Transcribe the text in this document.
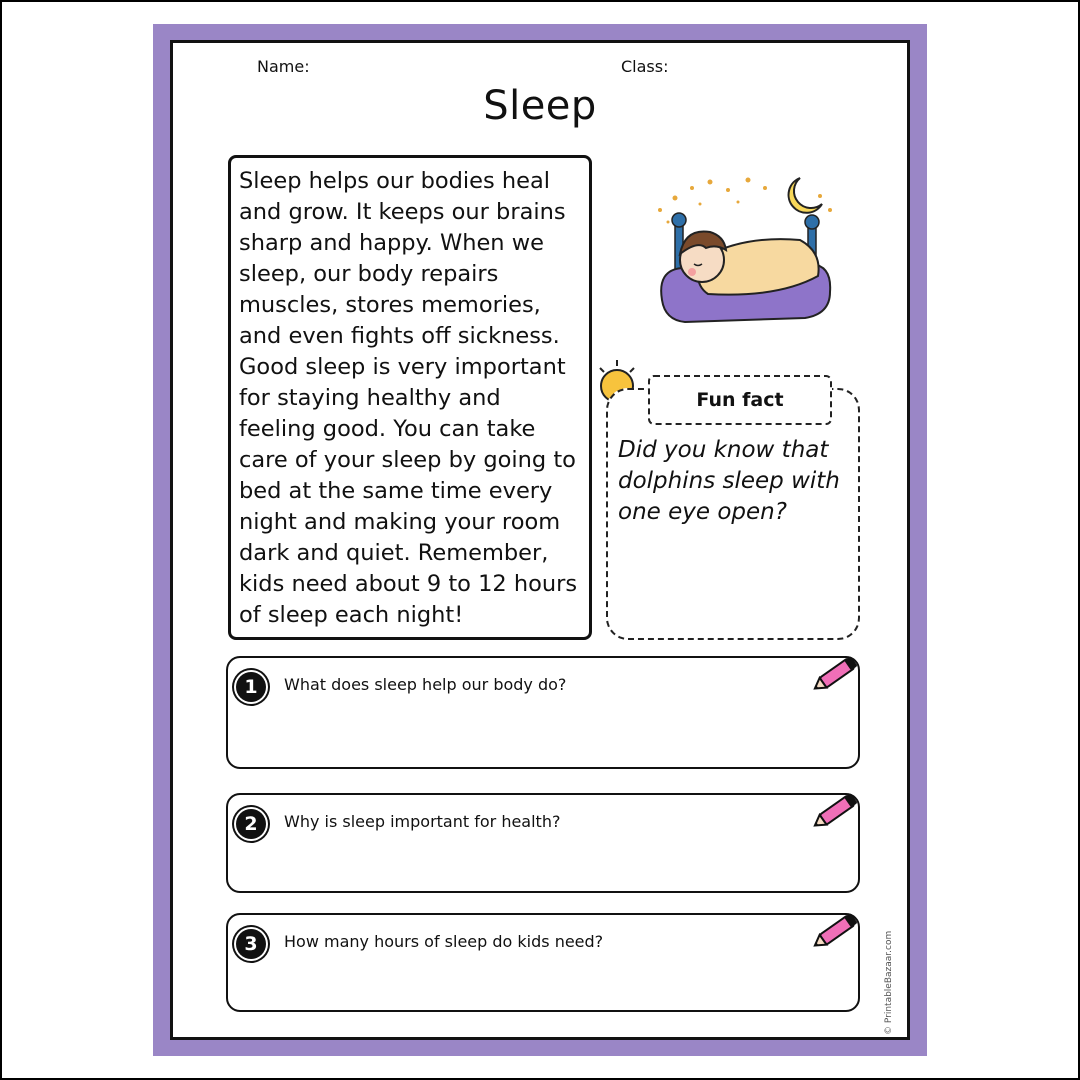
Name:	Class:
Sleep

Sleep helps our bodies heal and grow. It keeps our brains sharp and happy. When we sleep, our body repairs muscles, stores memories, and even fights off sickness. Good sleep is very important for staying healthy and feeling good. You can take care of your sleep by going to bed at the same time every night and making your room dark and quiet. Remember, kids need about 9 to 12 hours of sleep each night!

Fun fact
Did you know that dolphins sleep with one eye open?
1	What does sleep help our body do?
2	Why is sleep important for health?
3	How many hours of sleep do kids need?	© PrintableBazaar.com
